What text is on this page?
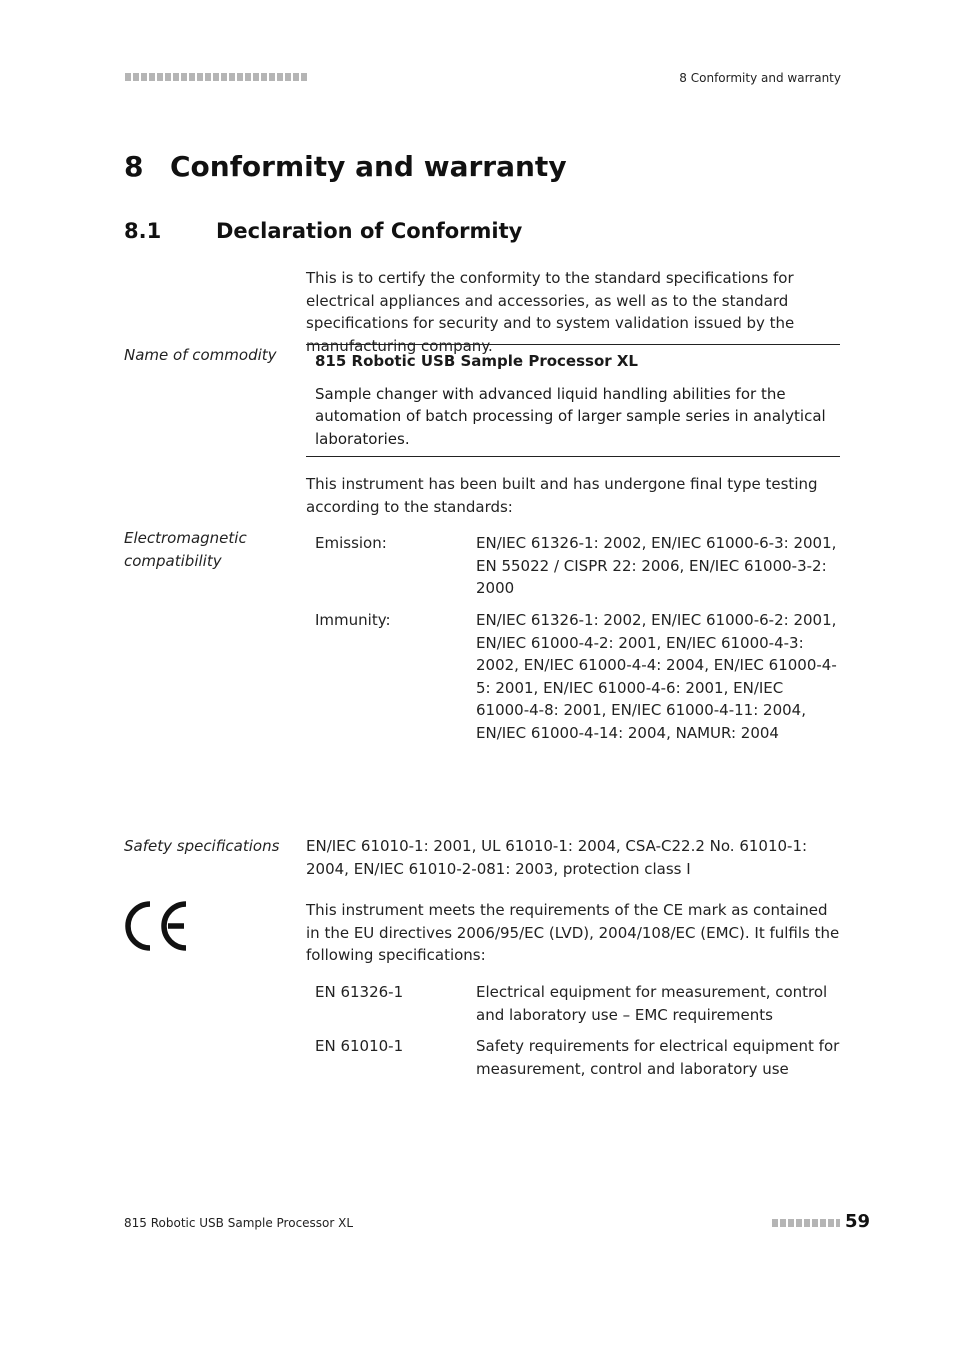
8 Conformity and warranty
8 Conformity and warranty
8.1	Declaration of Conformity
This is to certify the conformity to the standard specifications for electrical appliances and accessories, as well as to the standard specifications for security and to system validation issued by the manufacturing company.
Name of commodity	815 Robotic USB Sample Processor XL
Sample changer with advanced liquid handling abilities for the automation of batch processing of larger sample series in analytical laboratories.
This instrument has been built and has undergone final type testing according to the standards:
Electromagnetic compatibility
Emission:	EN/IEC 61326-1: 2002, EN/IEC 61000-6-3: 2001, EN 55022 / CISPR 22: 2006, EN/IEC 61000-3-2: 2000
Immunity:	EN/IEC 61326-1: 2002, EN/IEC 61000-6-2: 2001, EN/IEC 61000-4-2: 2001, EN/IEC 61000-4-3: 2002, EN/IEC 61000-4-4: 2004, EN/IEC 61000-4-5: 2001, EN/IEC 61000-4-6: 2001, EN/IEC 61000-4-8: 2001, EN/IEC 61000-4-11: 2004, EN/IEC 61000-4-14: 2004, NAMUR: 2004
Safety specifications EN/IEC 61010-1: 2001, UL 61010-1: 2004, CSA-C22.2 No. 61010-1: 2004, EN/IEC 61010-2-081: 2003, protection class I
This instrument meets the requirements of the CE mark as contained in the EU directives 2006/95/EC (LVD), 2004/108/EC (EMC). It fulfils the following specifications:
EN 61326-1	Electrical equipment for measurement, control and laboratory use – EMC requirements
EN 61010-1	Safety requirements for electrical equipment for measurement, control and laboratory use
815 Robotic USB Sample Processor XL	59
